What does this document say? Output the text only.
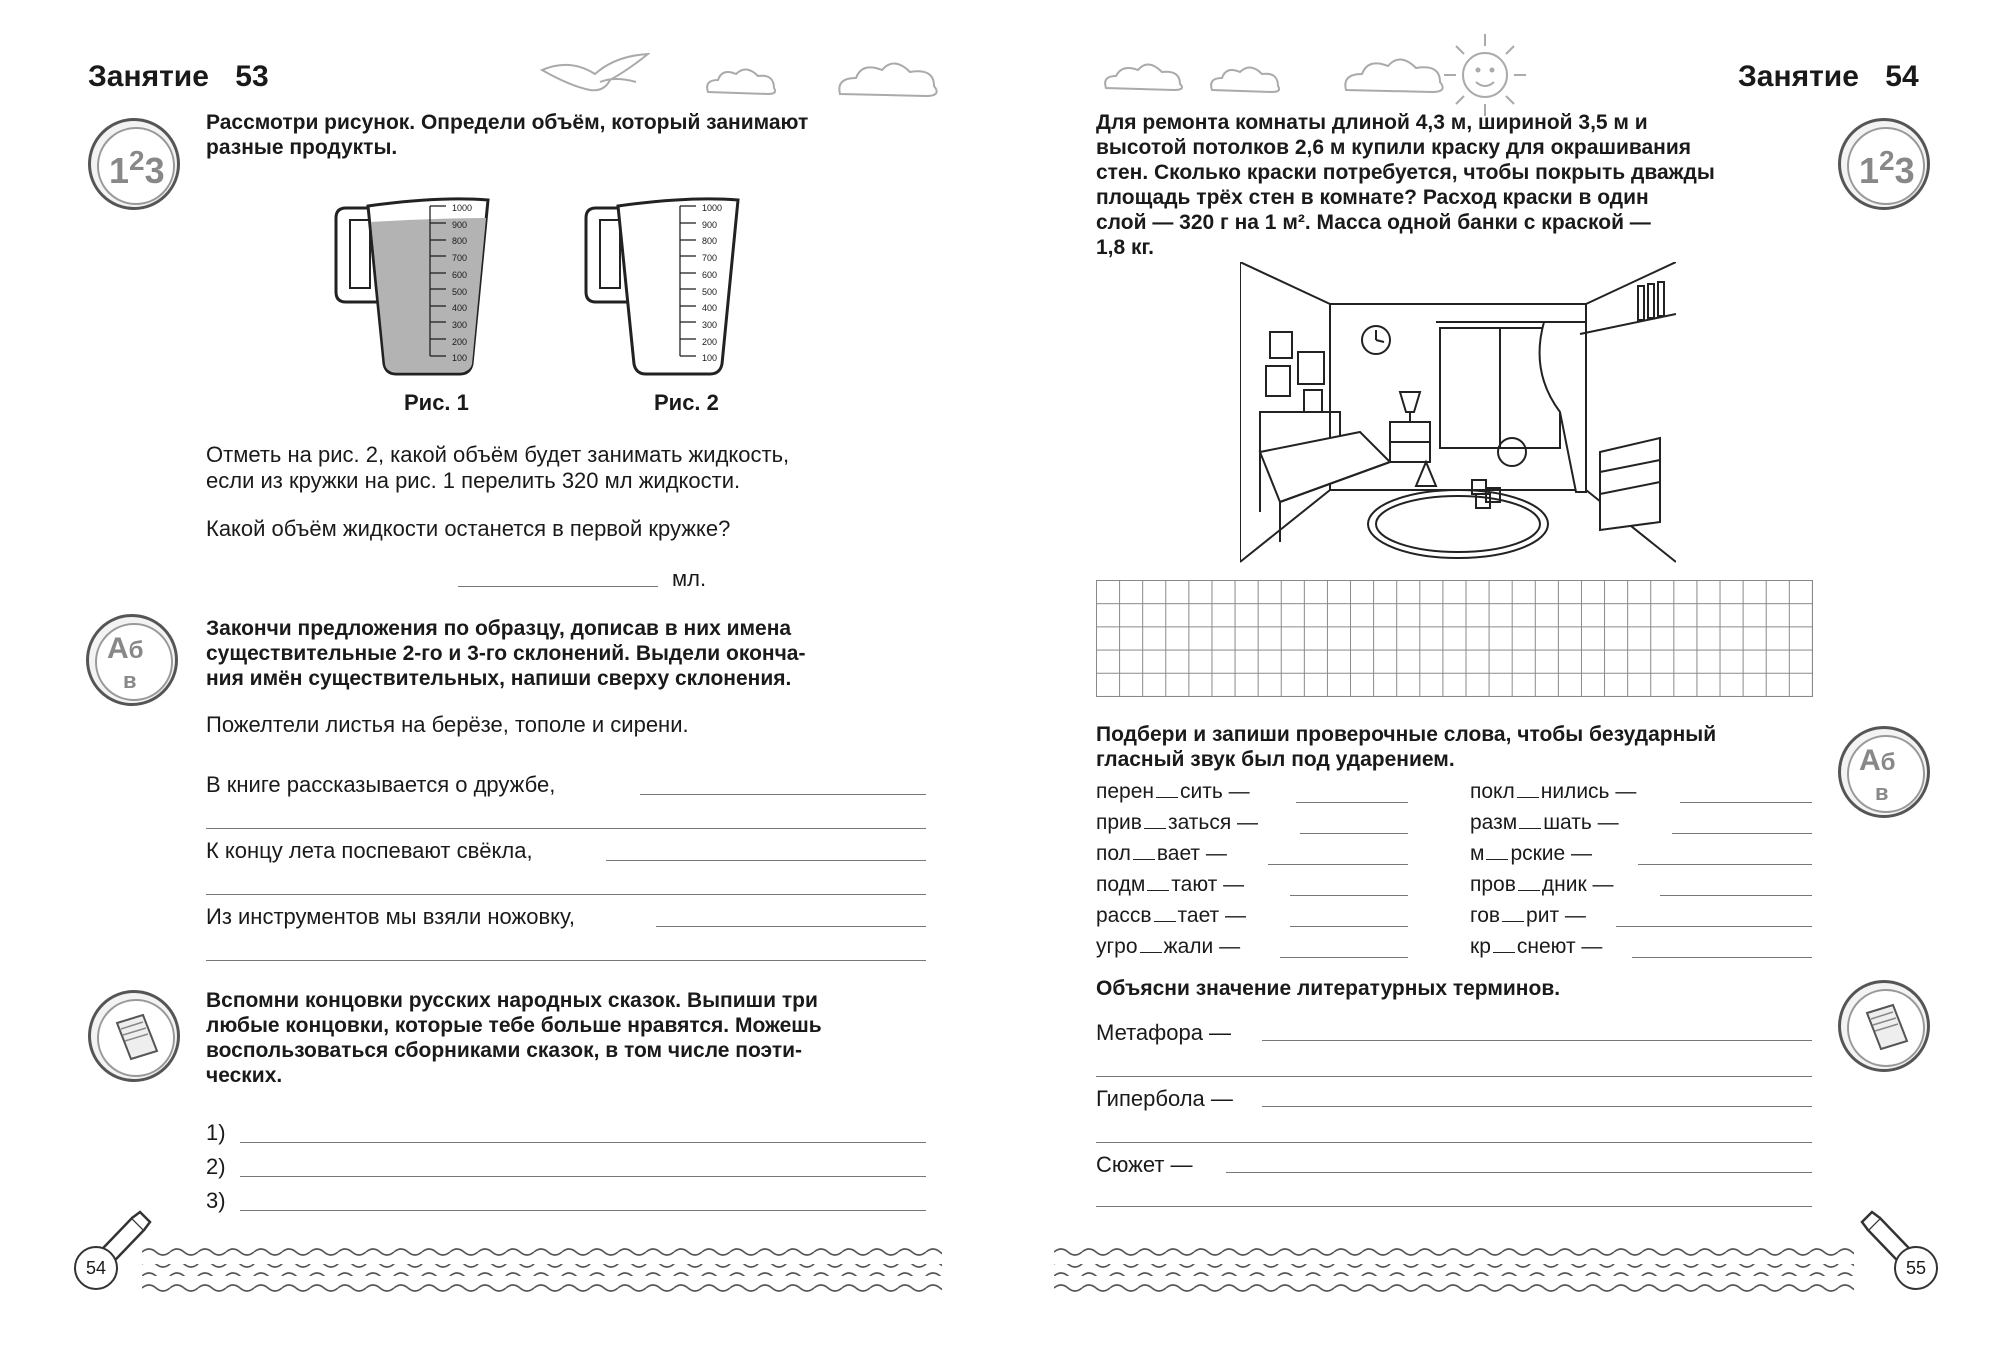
Занятие 53
$1^23$
Рассмотри рисунок. Определи объём, который занимают
разные продукты.
1000
900
800
700
600
500
400
300
200
100
1000
900
800
700
600
500
400
300
200
100
Рис. 1	Рис. 2
Отметь на рис. 2, какой объём будет занимать жидкость,
если из кружки на рис. 1 перелить 320 мл жидкости.
Какой объём жидкости останется в первой кружке?
мл.
Аб
в
Закончи предложения по образцу, дописав в них имена
существительные 2-го и 3-го склонений. Выдели оконча-
ния имён существительных, напиши сверху склонения.
Пожелтели листья на берёзе, тополе и сирени.
В книге рассказывается о дружбе,
К концу лета поспевают свёкла,
Из инструментов мы взяли ножовку,
Вспомни концовки русских народных сказок. Выпиши три
любые концовки, которые тебе больше нравятся. Можешь
воспользоваться сборниками сказок, в том числе поэти-
ческих.
1)
2)
3)
54
Занятие 54
$1^23$
Для ремонта комнаты длиной 4,3 м, шириной 3,5 м и
высотой потолков 2,6 м купили краску для окрашивания
стен. Сколько краски потребуется, чтобы покрыть дважды
площадь трёх стен в комнате? Расход краски в один
слой — 320 г на 1 м². Масса одной банки с краской —
1,8 кг.
Подбери и запиши проверочные слова, чтобы безударный
гласный звук был под ударением.	Аб
в
перен сить —
прив заться —
пол вает —
подм тают —
рассв тает —
угро жали —
покл нились —
разм шать —
м рские —
пров дник —
гов рит —
кр снеют —
Объясни значение литературных терминов.
Метафора —
Гипербола —
Сюжет —
55
